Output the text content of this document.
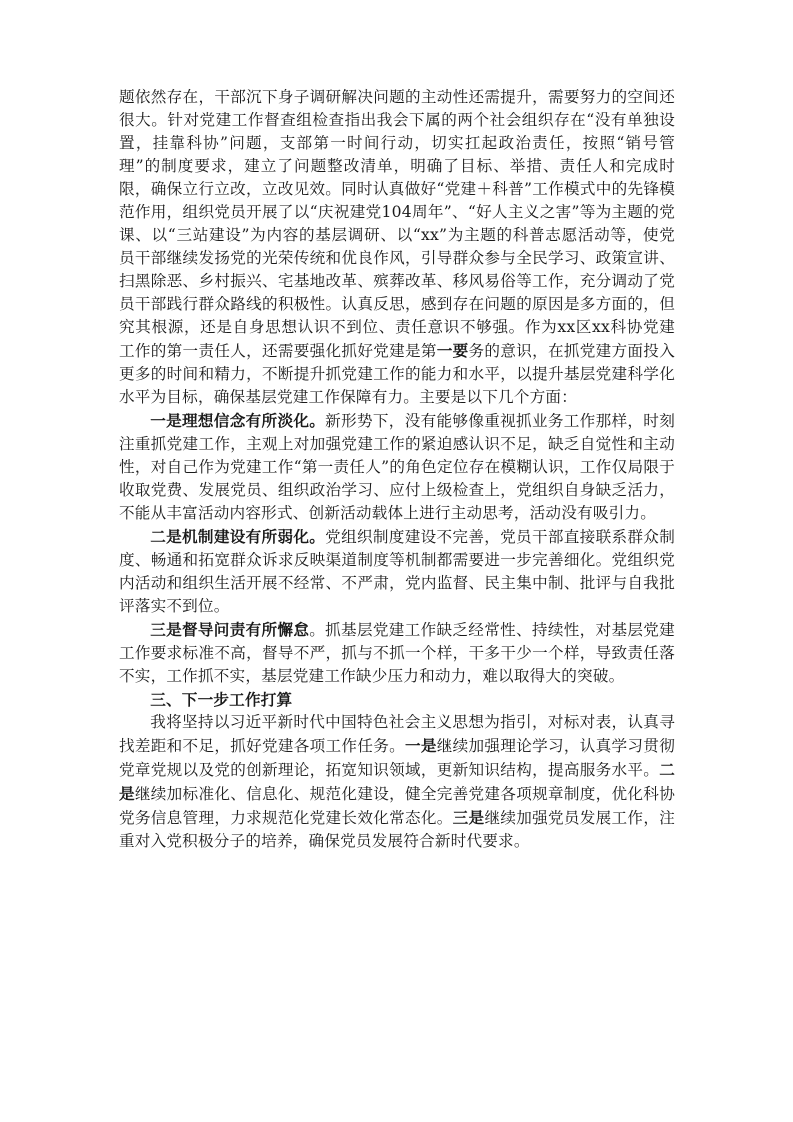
题依然存在，干部沉下身子调研解决问题的主动性还需提升，需要努力的空间还很大。针对党建工作督查组检查指出我会下属的两个社会组织存在“没有单独设置，挂靠科协”问题，支部第一时间行动，切实扛起政治责任，按照“销号管理”的制度要求，建立了问题整改清单，明确了目标、举措、责任人和完成时限，确保立行立改，立改见效。同时认真做好“党建＋科普”工作模式中的先锋模范作用，组织党员开展了以“庆祝建党104周年”、“好人主义之害”等为主题的党课、以“三站建设”为内容的基层调研、以“xx”为主题的科普志愿活动等，使党员干部继续发扬党的光荣传统和优良作风，引导群众参与全民学习、政策宣讲、扫黑除恶、乡村振兴、宅基地改革、殡葬改革、移风易俗等工作，充分调动了党员干部践行群众路线的积极性。认真反思，感到存在问题的原因是多方面的，但究其根源，还是自身思想认识不到位、责任意识不够强。作为xx区xx科协党建工作的第一责任人，还需要强化抓好党建是第一要务的意识，在抓党建方面投入更多的时间和精力，不断提升抓党建工作的能力和水平，以提升基层党建科学化水平为目标，确保基层党建工作保障有力。主要是以下几个方面：

一是理想信念有所淡化。新形势下，没有能够像重视抓业务工作那样，时刻注重抓党建工作，主观上对加强党建工作的紧迫感认识不足，缺乏自觉性和主动性，对自己作为党建工作“第一责任人”的角色定位存在模糊认识，工作仅局限于收取党费、发展党员、组织政治学习、应付上级检查上，党组织自身缺乏活力，不能从丰富活动内容形式、创新活动载体上进行主动思考，活动没有吸引力。

二是机制建设有所弱化。党组织制度建设不完善，党员干部直接联系群众制度、畅通和拓宽群众诉求反映渠道制度等机制都需要进一步完善细化。党组织党内活动和组织生活开展不经常、不严肃，党内监督、民主集中制、批评与自我批评落实不到位。

三是督导问责有所懈怠。抓基层党建工作缺乏经常性、持续性，对基层党建工作要求标准不高，督导不严，抓与不抓一个样，干多干少一个样，导致责任落不实，工作抓不实，基层党建工作缺少压力和动力，难以取得大的突破。

三、下一步工作打算

我将坚持以习近平新时代中国特色社会主义思想为指引，对标对表，认真寻找差距和不足，抓好党建各项工作任务。一是继续加强理论学习，认真学习贯彻党章党规以及党的创新理论，拓宽知识领域，更新知识结构，提高服务水平。二是继续加标准化、信息化、规范化建设，健全完善党建各项规章制度，优化科协党务信息管理，力求规范化党建长效化常态化。三是继续加强党员发展工作，注重对入党积极分子的培养，确保党员发展符合新时代要求。
